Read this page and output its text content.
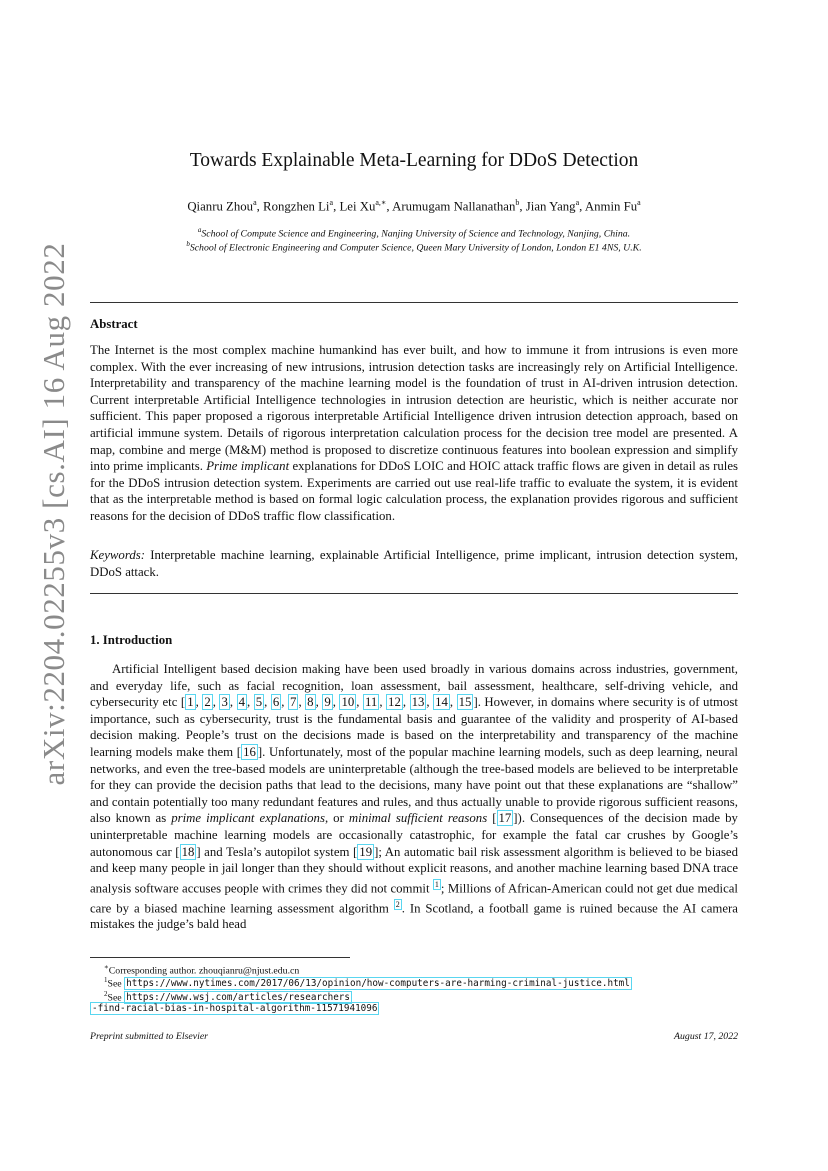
arXiv:2204.02255v3 [cs.AI] 16 Aug 2022
Towards Explainable Meta-Learning for DDoS Detection
Qianru Zhou$^a$, Rongzhen Li$^a$, Lei $Xu^{a,∗}$, Arumugam Nallanathan$^b$, Jian Yang$^a$, Anmin Fu$^a$
$^a$School of Compute Science and Engineering, Nanjing University of Science and Technology, Nanjing, China.
$^b$School of Electronic Engineering and Computer Science, Queen Mary University of London, London E1 4NS, U.K.
Abstract
The Internet is the most complex machine humankind has ever built, and how to immune it from intrusions is even more complex. With the ever increasing of new intrusions, intrusion detection tasks are increasingly rely on Artificial Intelligence. Interpretability and transparency of the machine learning model is the foundation of trust in AI-driven intrusion detection. Current interpretable Artificial Intelligence technologies in intrusion detection are heuristic, which is neither accurate nor sufficient. This paper proposed a rigorous interpretable Artificial Intelligence driven intrusion detection approach, based on artificial immune system. Details of rigorous interpretation calculation process for the decision tree model are presented. A map, combine and merge (M&M) method is proposed to discretize continuous features into boolean expression and simplify into prime implicants. Prime implicant explanations for DDoS LOIC and HOIC attack traffic flows are given in detail as rules for the DDoS intrusion detection system. Experiments are carried out use real-life traffic to evaluate the system, it is evident that as the interpretable method is based on formal logic calculation process, the explanation provides rigorous and sufficient reasons for the decision of DDoS traffic flow classification.
Keywords: Interpretable machine learning, explainable Artificial Intelligence, prime implicant, intrusion detection system, DDoS attack.
1. Introduction
Artificial Intelligent based decision making have been used broadly in various domains across industries, government, and everyday life, such as facial recognition, loan assessment, bail assessment, healthcare, self-driving vehicle, and cybersecurity etc [ 1 , 2 , 3 , 4 , 5 , 6 , 7 , 8 , 9 , 10 , 11 , 12 , 13 , 14 , 15 ]. However, in domains where security is of utmost importance, such as cybersecurity, trust is the fundamental basis and guarantee of the validity and prosperity of AI-based decision making. People’s trust on the decisions made is based on the interpretability and transparency of the machine learning models make them [ 16 ]. Unfortunately, most of the popular machine learning models, such as deep learning, neural networks, and even the tree-based models are uninterpretable (although the tree-based models are believed to be interpretable for they can provide the decision paths that lead to the decisions, many have point out that these explanations are “shallow” and contain potentially too many redundant features and rules, and thus actually unable to provide rigorous sufficient reasons, also known as prime implicant explanations, or minimal sufficient reasons [ 17 ]). Consequences of the decision made by uninterpretable machine learning models are occasionally catastrophic, for example the fatal car crushes by Google’s autonomous car [ 18 ] and Tesla’s autopilot system [ 19 ]; An automatic bail risk assessment algorithm is believed to be biased and keep many people in jail longer than they should without explicit reasons, and another machine learning based DNA trace analysis software accuses people with crimes they did not commit $^1$ ; Millions of African-American could not get due medical care by a biased machine learning assessment algorithm $^2$ . In Scotland, a football game is ruined because the AI camera mistakes the judge’s bald head
∗Corresponding author. zhouqianru@njust.edu.cn
$^1$See https://www.nytimes.com/2017/06/13/opinion/how-computers-are-harming-criminal-justice.html
$^2$See https://www.wsj.com/articles/researchers
-find-racial-bias-in-hospital-algorithm-11571941096
Preprint submitted to Elsevier	August 17, 2022
